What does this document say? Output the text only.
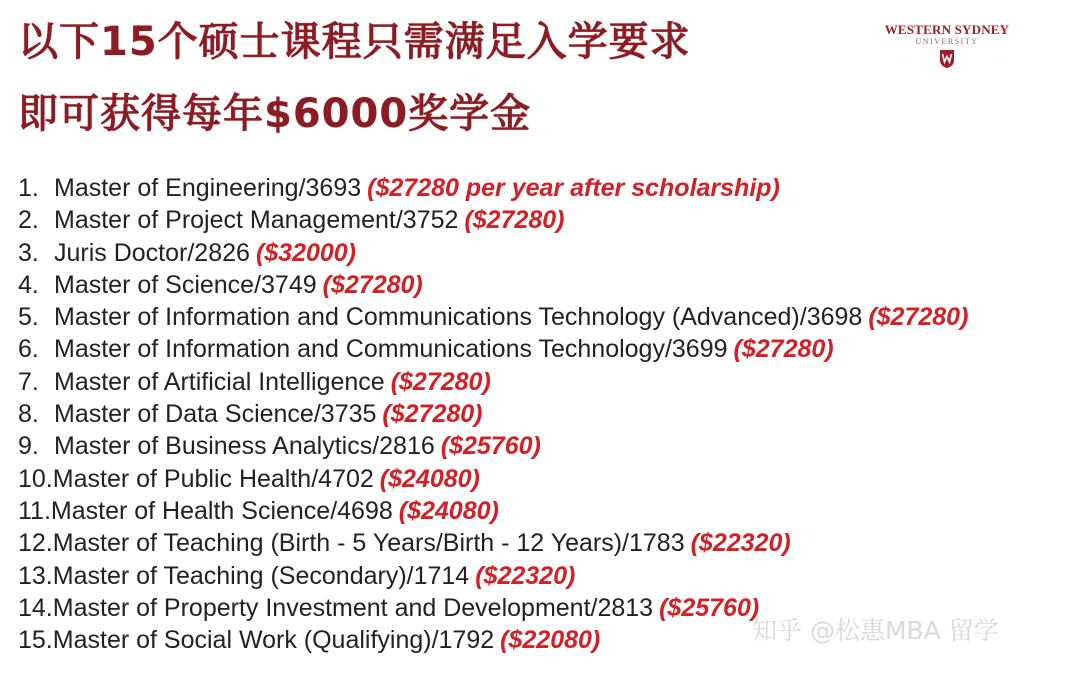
以下15个硕士课程只需满足入学要求
即可获得每年$6000奖学金
WESTERN SYDNEY
UNIVERSITY
1. Master of Engineering/3693 ($27280 per year after scholarship)
2. Master of Project Management/3752 ($27280)
3. Juris Doctor/2826 ($32000)
4. Master of Science/3749 ($27280)
5. Master of Information and Communications Technology (Advanced)/3698 ($27280)
6. Master of Information and Communications Technology/3699 ($27280)
7. Master of Artificial Intelligence ($27280)
8. Master of Data Science/3735 ($27280)
9. Master of Business Analytics/2816 ($25760)
10.Master of Public Health/4702 ($24080)
11.Master of Health Science/4698 ($24080)
12.Master of Teaching (Birth - 5 Years/Birth - 12 Years)/1783 ($22320)
13.Master of Teaching (Secondary)/1714 ($22320)
14.Master of Property Investment and Development/2813 ($25760)
15.Master of Social Work (Qualifying)/1792 ($22080)	知乎 @松惠MBA 留学
